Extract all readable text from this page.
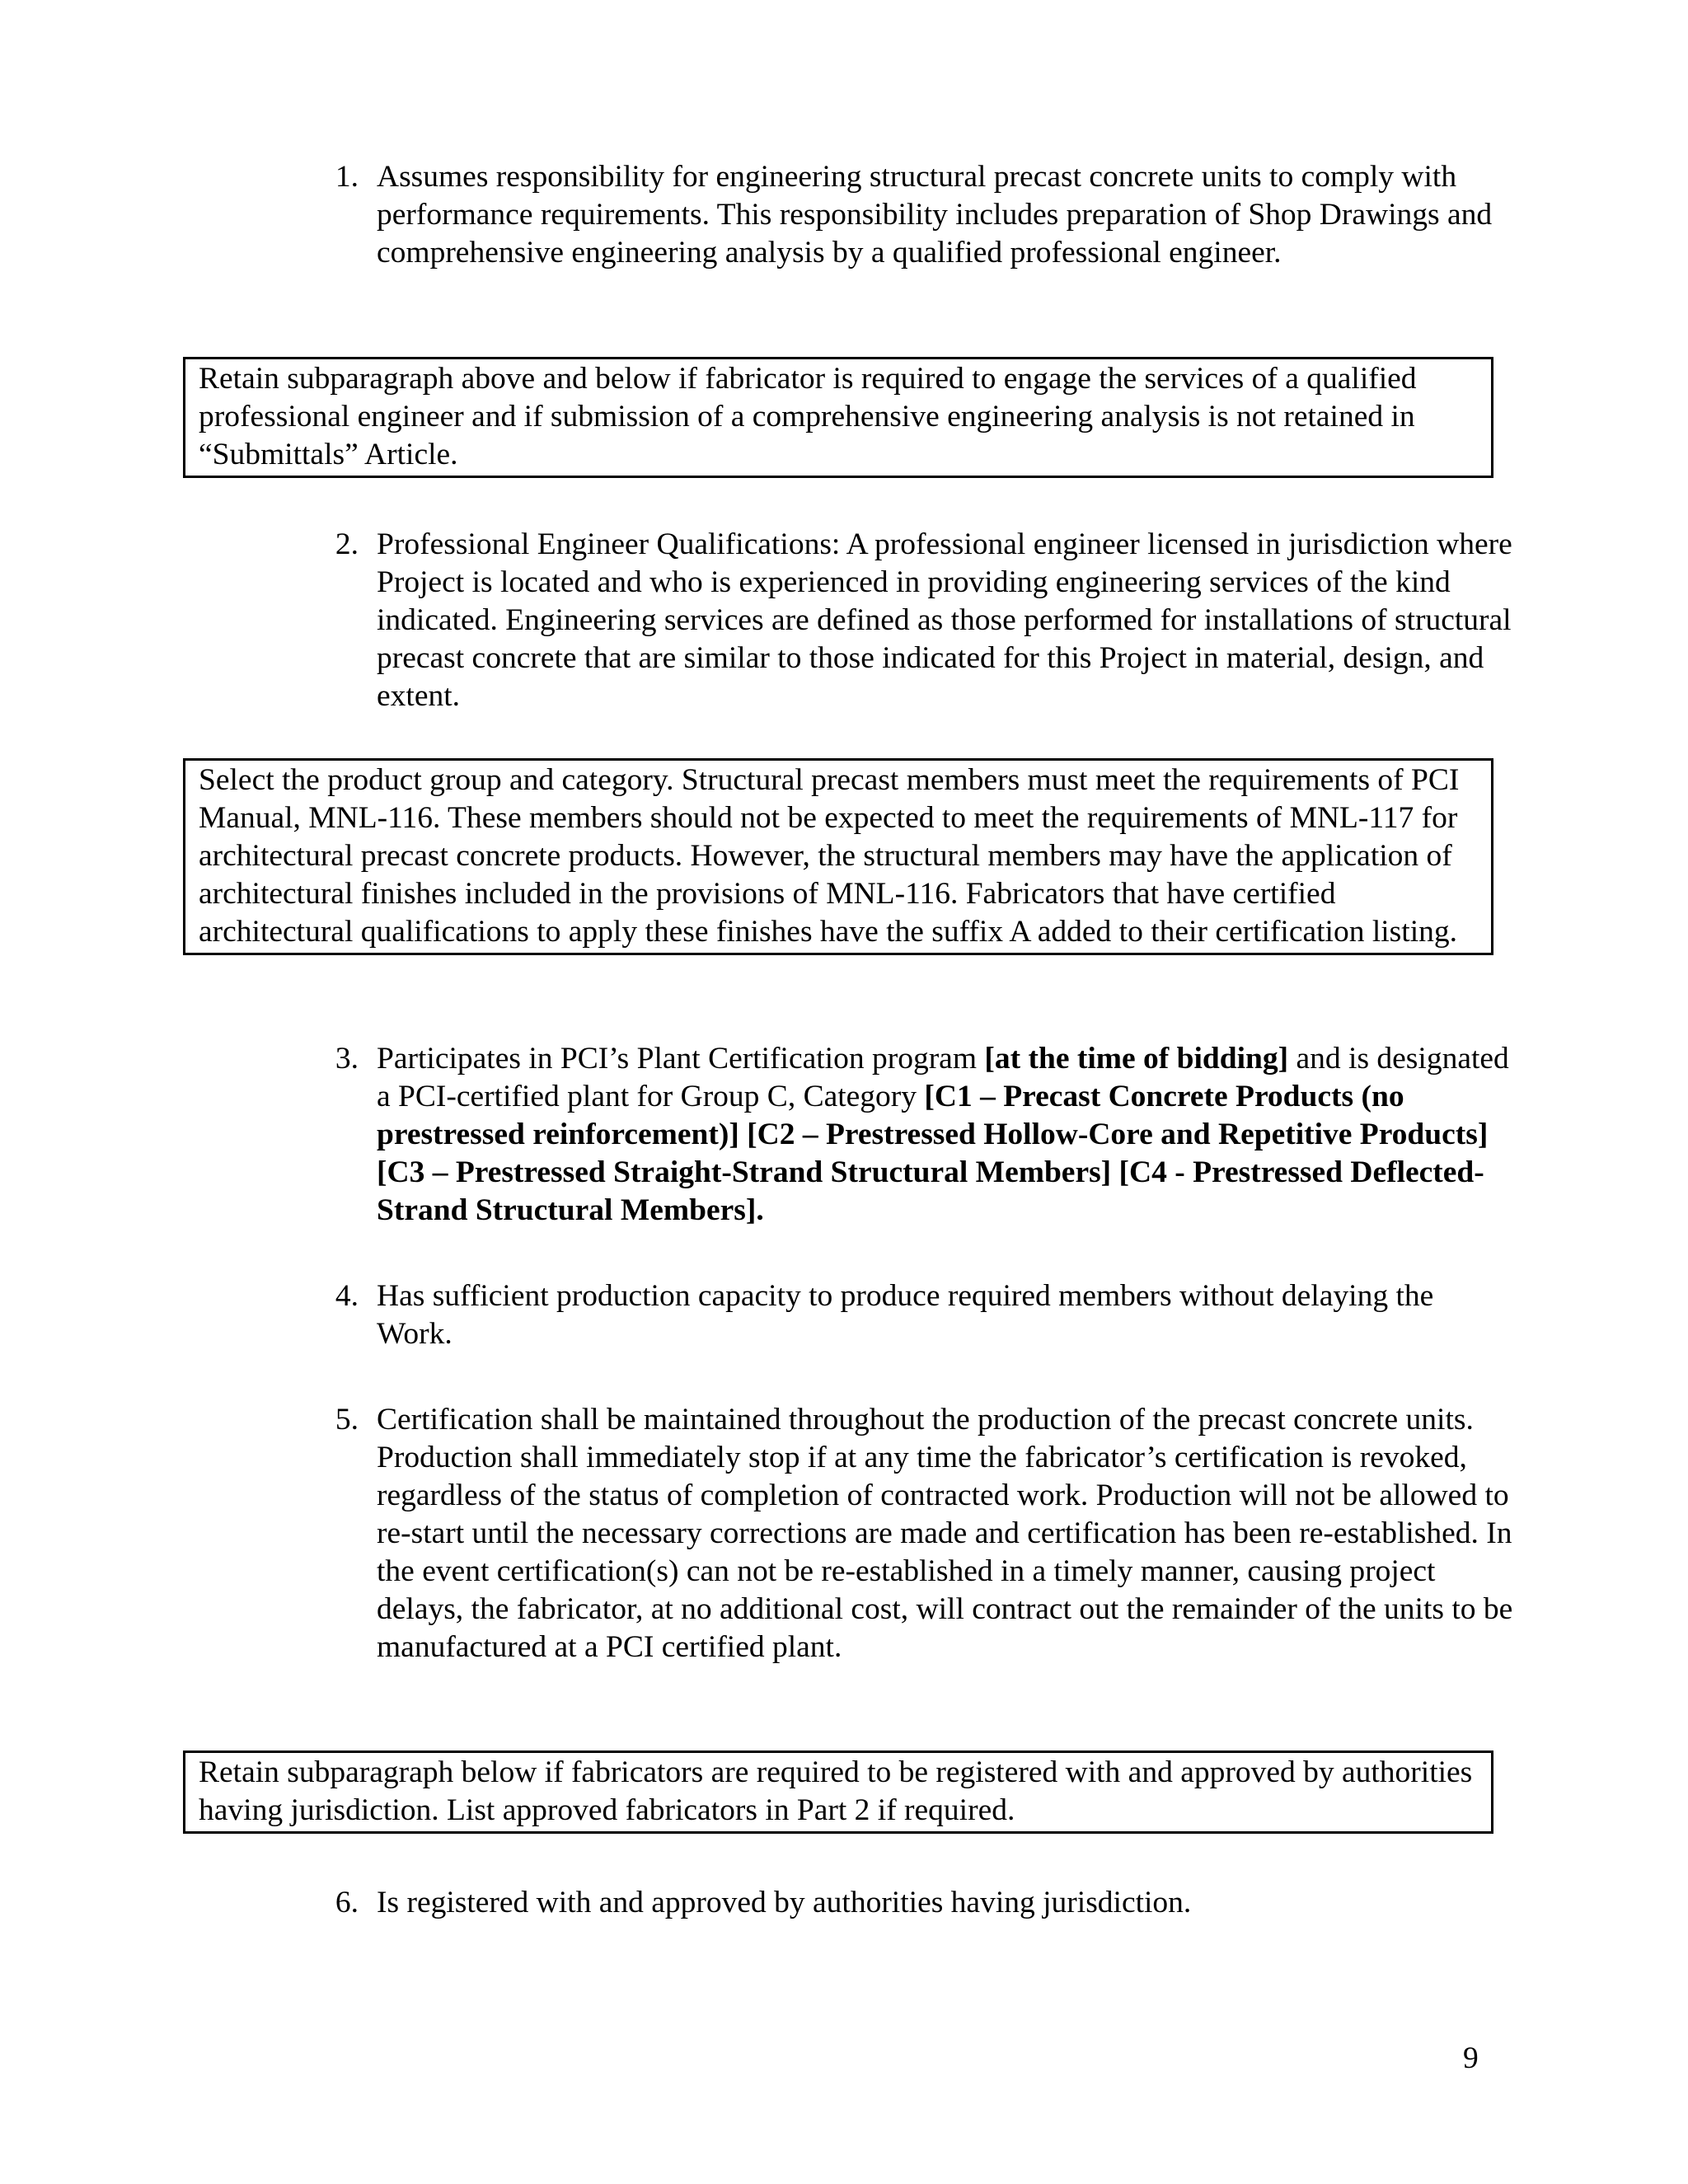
1. Assumes responsibility for engineering structural precast concrete units to comply with performance requirements. This responsibility includes preparation of Shop Drawings and comprehensive engineering analysis by a qualified professional engineer.
Retain subparagraph above and below if fabricator is required to engage the services of a qualified professional engineer and if submission of a comprehensive engineering analysis is not retained in “Submittals” Article.
2. Professional Engineer Qualifications: A professional engineer licensed in jurisdiction where Project is located and who is experienced in providing engineering services of the kind indicated. Engineering services are defined as those performed for installations of structural precast concrete that are similar to those indicated for this Project in material, design, and extent.
Select the product group and category. Structural precast members must meet the requirements of PCI Manual, MNL-116. These members should not be expected to meet the requirements of MNL-117 for architectural precast concrete products. However, the structural members may have the application of architectural finishes included in the provisions of MNL-116. Fabricators that have certified architectural qualifications to apply these finishes have the suffix A added to their certification listing.
3. Participates in PCI’s Plant Certification program [at the time of bidding] and is designated a PCI-certified plant for Group C, Category [C1 – Precast Concrete Products (no prestressed reinforcement)] [C2 – Prestressed Hollow-Core and Repetitive Products] [C3 – Prestressed Straight-Strand Structural Members] [C4 - Prestressed Deflected-Strand Structural Members].
4. Has sufficient production capacity to produce required members without delaying the Work.
5. Certification shall be maintained throughout the production of the precast concrete units. Production shall immediately stop if at any time the fabricator’s certification is revoked, regardless of the status of completion of contracted work. Production will not be allowed to re-start until the necessary corrections are made and certification has been re-established. In the event certification(s) can not be re-established in a timely manner, causing project delays, the fabricator, at no additional cost, will contract out the remainder of the units to be manufactured at a PCI certified plant.
Retain subparagraph below if fabricators are required to be registered with and approved by authorities having jurisdiction. List approved fabricators in Part 2 if required.
6. Is registered with and approved by authorities having jurisdiction.
9
